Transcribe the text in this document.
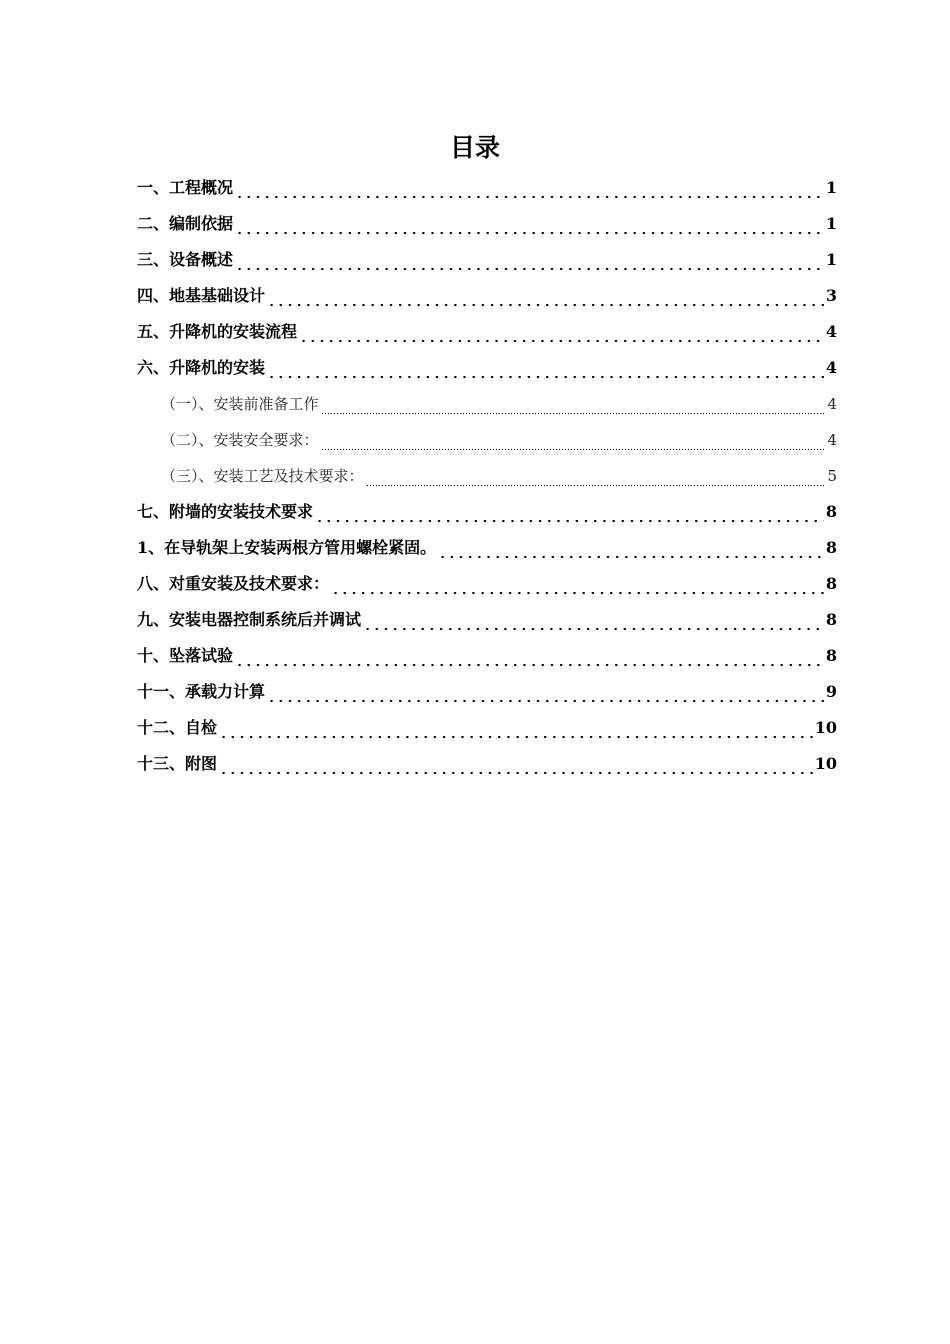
目录
一、工程概况	1
二、编制依据	1
三、设备概述	1
四、地基基础设计	3
五、升降机的安装流程	4
六、升降机的安装	4
（一）、安装前准备工作	4
（二）、安装安全要求：	4
（三）、安装工艺及技术要求：	5
七、附墙的安装技术要求	8
1、在导轨架上安装两根方管用螺栓紧固。	8
八、对重安装及技术要求：	8
九、安装电器控制系统后并调试	8
十、坠落试验	8
十一、承载力计算	9
十二、自检	10
十三、附图	10
